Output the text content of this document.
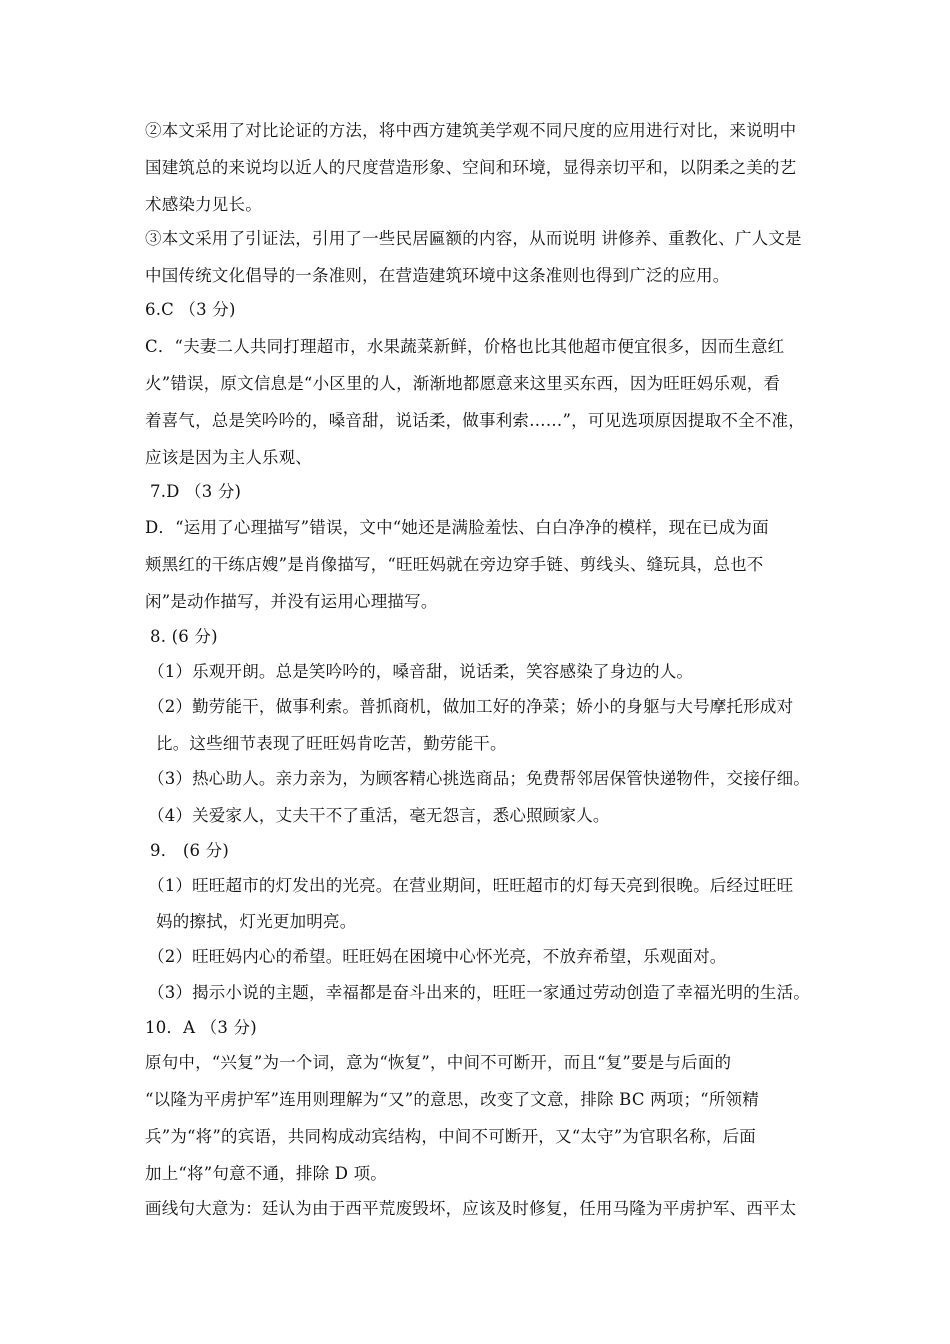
②本文采用了对比论证的方法，将中西方建筑美学观不同尺度的应用进行对比，来说明中
国建筑总的来说均以近人的尺度营造形象、空间和环境，显得亲切平和，以阴柔之美的艺
术感染力见长。
③本文采用了引证法，引用了一些民居匾额的内容，从而说明 讲修养、重教化、广人文是
中国传统文化倡导的一条准则，在营造建筑环境中这条准则也得到广泛的应用。
6.C （3 分)
C．“夫妻二人共同打理超市，水果蔬菜新鲜，价格也比其他超市便宜很多，因而生意红
火”错误，原文信息是“小区里的人，渐渐地都愿意来这里买东西，因为旺旺妈乐观，看
着喜气，总是笑吟吟的，嗓音甜，说话柔，做事利索……”，可见选项原因提取不全不准，
应该是因为主人乐观、
7.D （3 分)
D．“运用了心理描写”错误，文中“她还是满脸羞怯、白白净净的模样，现在已成为面
颊黑红的干练店嫂”是肖像描写，“旺旺妈就在旁边穿手链、剪线头、缝玩具，总也不
闲”是动作描写，并没有运用心理描写。
8. (6 分)
（1）乐观开朗。总是笑吟吟的，嗓音甜，说话柔，笑容感染了身边的人。
（2）勤劳能干，做事利索。普抓商机，做加工好的净菜；娇小的身躯与大号摩托形成对
比。这些细节表现了旺旺妈肯吃苦，勤劳能干。
（3）热心助人。亲力亲为，为顾客精心挑选商品；免费帮邻居保管快递物件，交接仔细。
（4）关爱家人，丈夫干不了重活，毫无怨言，悉心照顾家人。
9． (6 分)
（1）旺旺超市的灯发出的光亮。在营业期间，旺旺超市的灯每天亮到很晚。后经过旺旺
妈的擦拭，灯光更加明亮。
（2）旺旺妈内心的希望。旺旺妈在困境中心怀光亮，不放弃希望，乐观面对。
（3）揭示小说的主题，幸福都是奋斗出来的，旺旺一家通过劳动创造了幸福光明的生活。
10．A （3 分)
原句中，“兴复”为一个词，意为“恢复”，中间不可断开，而且“复”要是与后面的
“以隆为平虏护军”连用则理解为“又”的意思，改变了文意，排除 BC 两项；“所领精
兵”为“将”的宾语，共同构成动宾结构，中间不可断开，又“太守”为官职名称，后面
加上“将”句意不通，排除 D 项。
画线句大意为：廷认为由于西平荒废毁坏，应该及时修复，任用马隆为平虏护军、西平太
